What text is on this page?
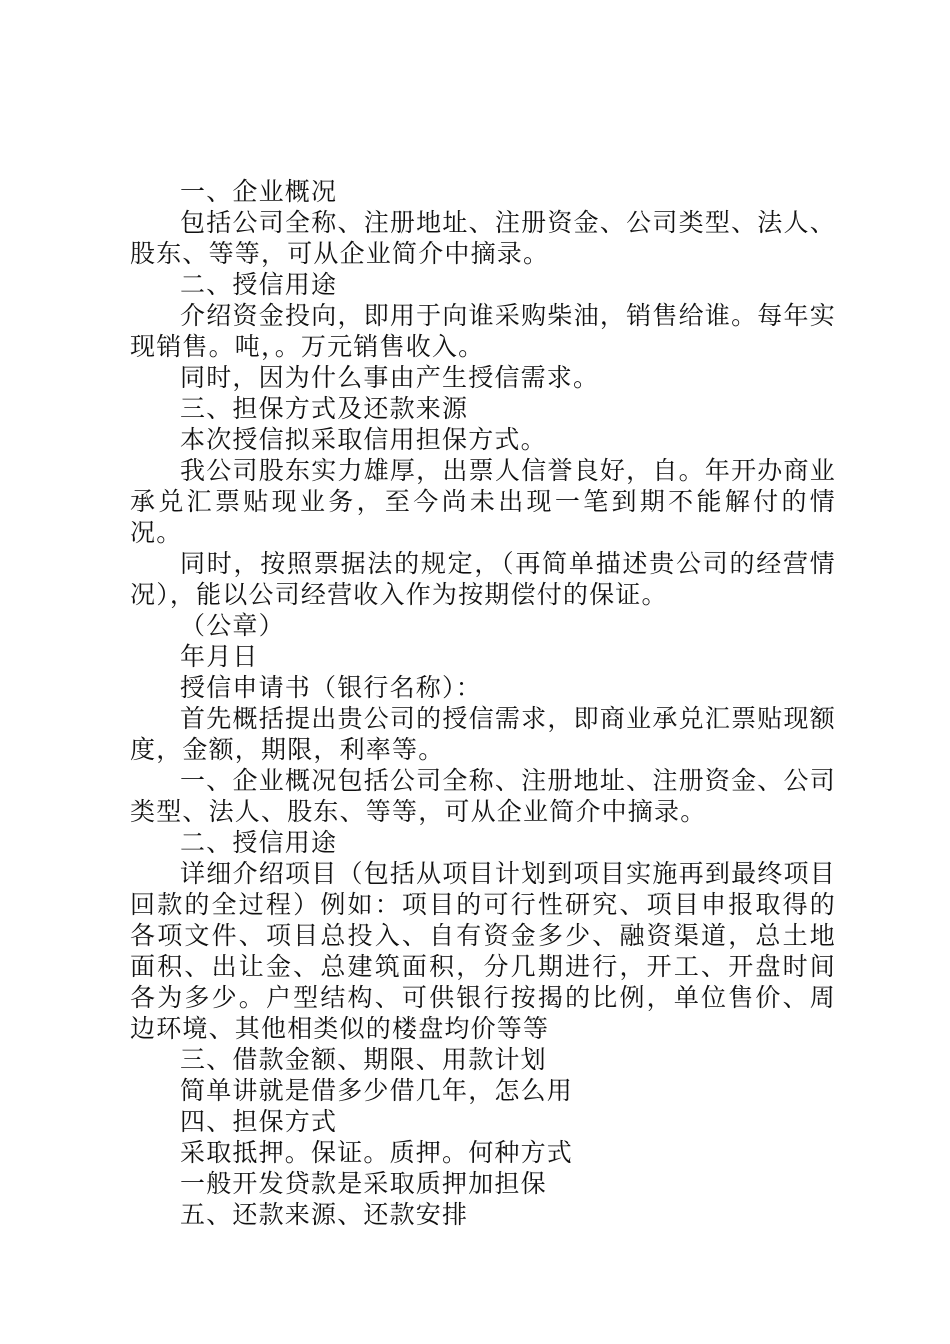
一、企业概况

包括公司全称、注册地址、注册资金、公司类型、法人、股东、等等，可从企业简介中摘录。

二、授信用途

介绍资金投向，即用于向谁采购柴油，销售给谁。每年实现销售。吨，。万元销售收入。

同时，因为什么事由产生授信需求。

三、担保方式及还款来源

本次授信拟采取信用担保方式。

我公司股东实力雄厚，出票人信誉良好，自。年开办商业承兑汇票贴现业务，至今尚未出现一笔到期不能解付的情况。

同时，按照票据法的规定，（再简单描述贵公司的经营情况），能以公司经营收入作为按期偿付的保证。

（公章）

年月日

授信申请书（银行名称）：

首先概括提出贵公司的授信需求，即商业承兑汇票贴现额度，金额，期限，利率等。

一、企业概况包括公司全称、注册地址、注册资金、公司类型、法人、股东、等等，可从企业简介中摘录。

二、授信用途

详细介绍项目（包括从项目计划到项目实施再到最终项目回款的全过程）例如：项目的可行性研究、项目申报取得的各项文件、项目总投入、自有资金多少、融资渠道，总土地面积、出让金、总建筑面积，分几期进行，开工、开盘时间各为多少。户型结构、可供银行按揭的比例，单位售价、周边环境、其他相类似的楼盘均价等等

三、借款金额、期限、用款计划

简单讲就是借多少借几年，怎么用

四、担保方式

采取抵押。保证。质押。何种方式

一般开发贷款是采取质押加担保

五、还款来源、还款安排
